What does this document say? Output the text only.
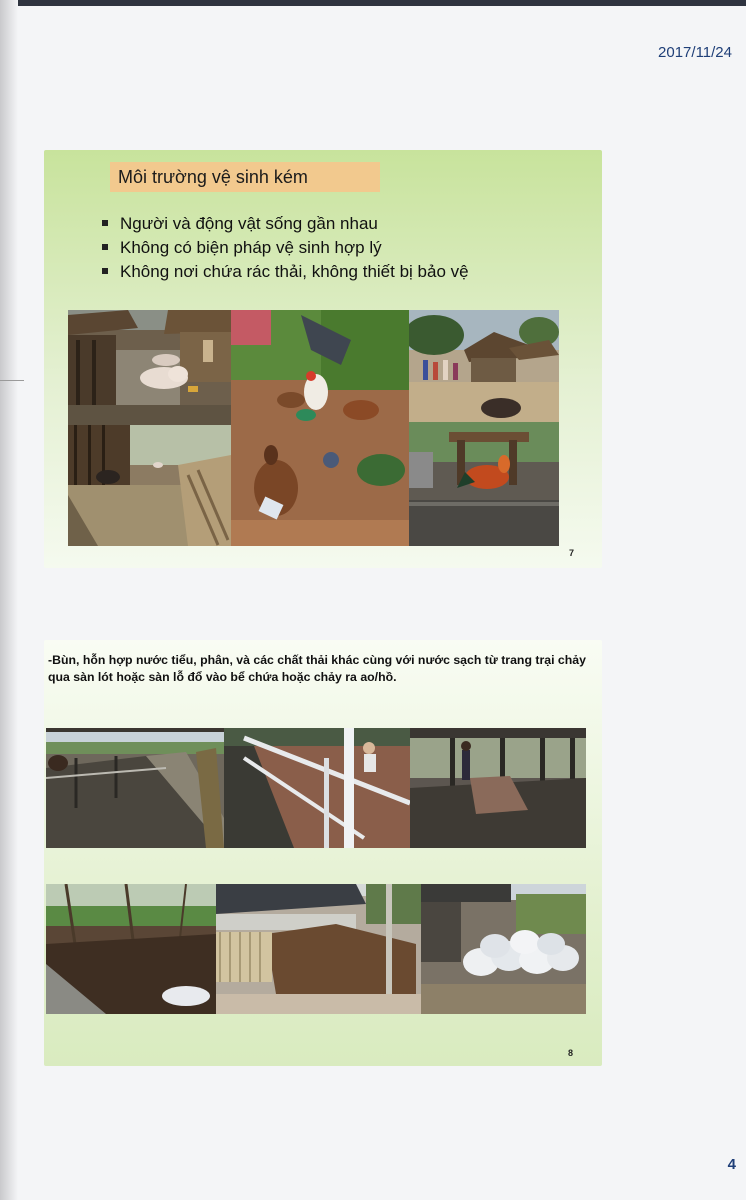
2017/11/24
Môi trường vệ sinh kém
Người và động vật sống gần nhau
Không có biện pháp vệ sinh hợp lý
Không nơi chứa rác thải, không thiết bị bảo vệ
7

-Bùn, hỗn hợp nước tiểu, phân, và các chất thải khác cùng với nước sạch từ trang trại chảy qua sàn lót hoặc sàn lỗ đổ vào bể chứa hoặc chảy ra ao/hồ.

8
4
